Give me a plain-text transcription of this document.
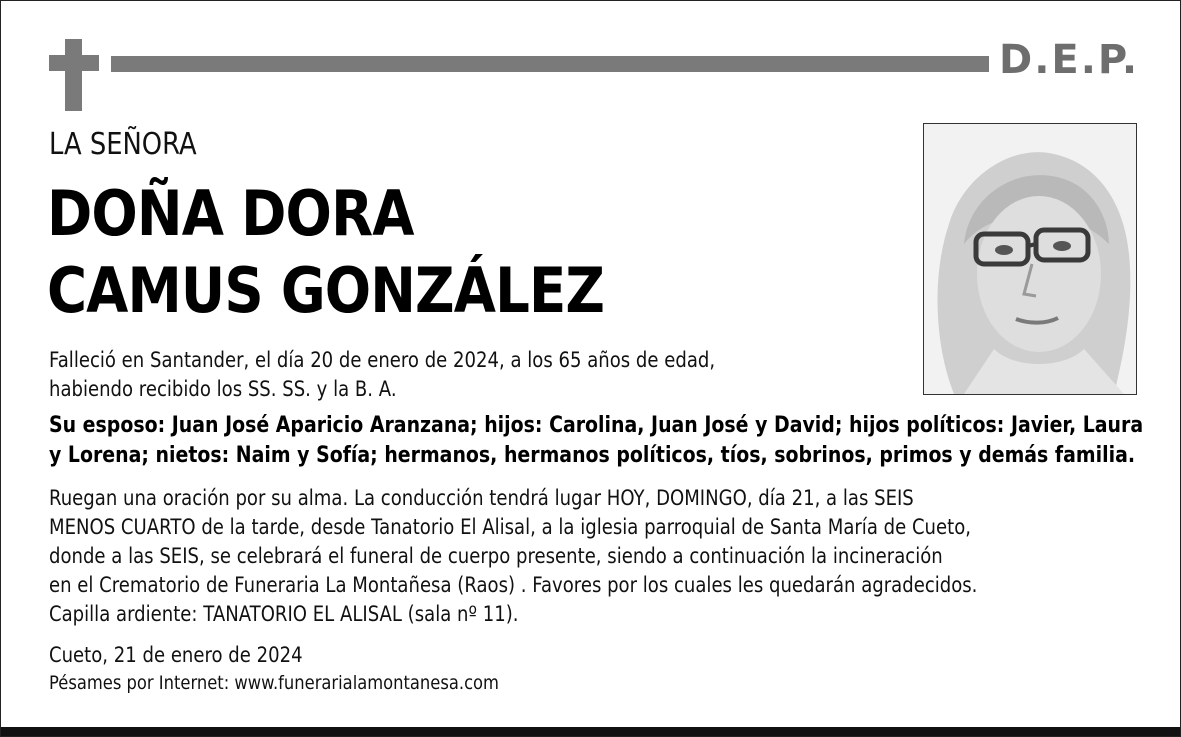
D.E.P.
LA SEÑORA
DOÑA DORA
CAMUS GONZÁLEZ
Falleció en Santander, el día 20 de enero de 2024, a los 65 años de edad,
habiendo recibido los SS. SS. y la B. A.
Su esposo: Juan José Aparicio Aranzana; hijos: Carolina, Juan José y David; hijos políticos: Javier, Laura
y Lorena; nietos: Naim y Sofía; hermanos, hermanos políticos, tíos, sobrinos, primos y demás familia.
Ruegan una oración por su alma. La conducción tendrá lugar HOY, DOMINGO, día 21, a las SEIS
MENOS CUARTO de la tarde, desde Tanatorio El Alisal, a la iglesia parroquial de Santa María de Cueto,
donde a las SEIS, se celebrará el funeral de cuerpo presente, siendo a continuación la incineración
en el Crematorio de Funeraria La Montañesa (Raos) . Favores por los cuales les quedarán agradecidos.
Capilla ardiente: TANATORIO EL ALISAL (sala nº 11).
Cueto, 21 de enero de 2024
Pésames por Internet: www.funerarialamontanesa.com
